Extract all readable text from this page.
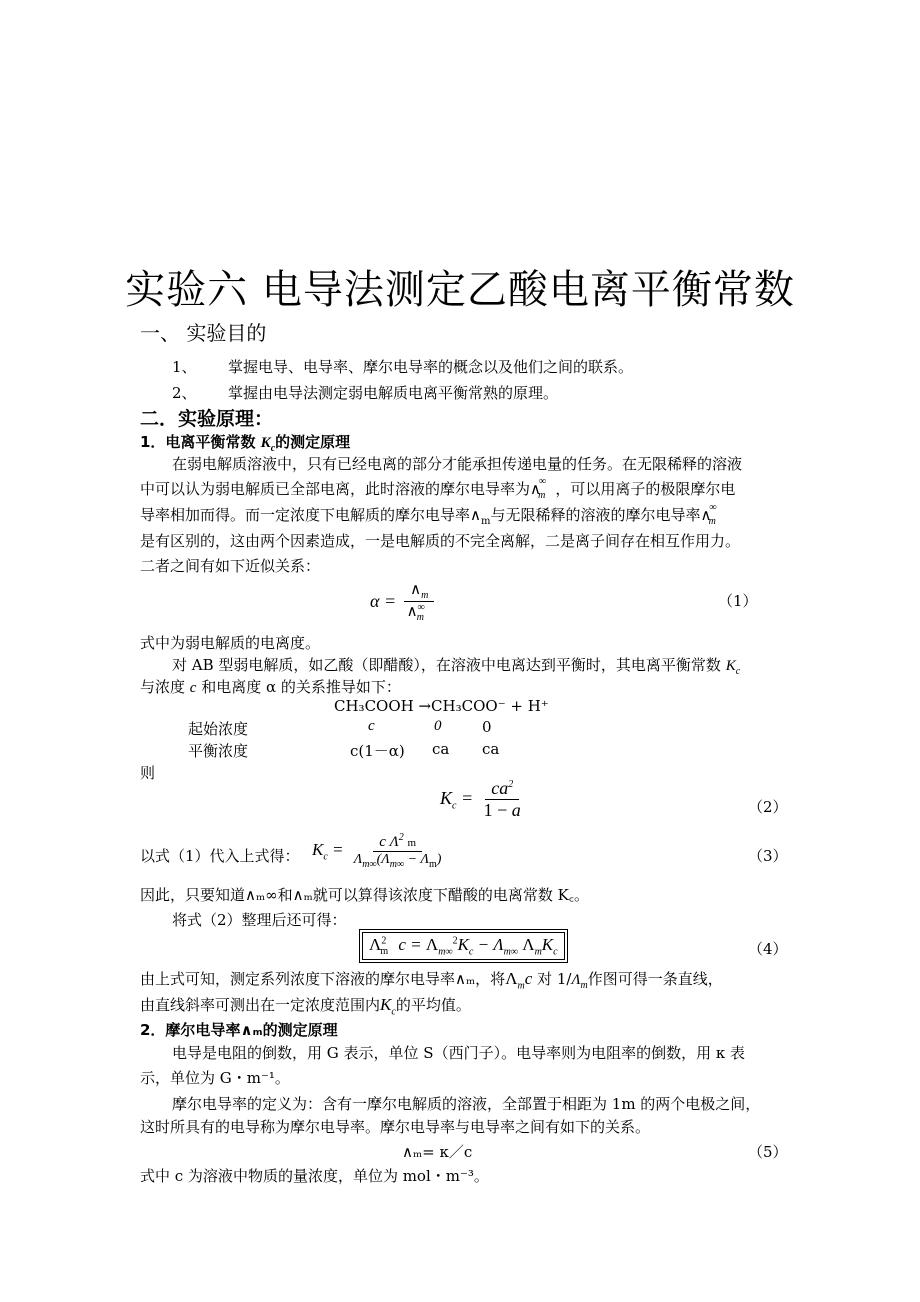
实验六 电导法测定乙酸电离平衡常数
一、 实验目的
1、 掌握电导、电导率、摩尔电导率的概念以及他们之间的联系。
2、 掌握由电导法测定弱电解质电离平衡常熟的原理。
二．实验原理：
1．电离平衡常数 $K_c$的测定原理
在弱电解质溶液中，只有已经电离的部分才能承担传递电量的任务。在无限稀释的溶液
中可以认为弱电解质已全部电离，此时溶液的摩尔电导率为$\wedge^\infty_m$ ，可以用离子的极限摩尔电
导率相加而得。而一定浓度下电解质的摩尔电导率$\wedge_m$与无限稀释的溶液的摩尔电导率$\wedge^\infty_m$
是有区别的，这由两个因素造成，一是电解质的不完全离解，二是离子间存在相互作用力。
二者之间有如下近似关系：
$\alpha = \frac{\wedge_m}{\wedge^\infty_m}$	（1）
式中为弱电解质的电离度。
对 AB 型弱电解质，如乙酸（即醋酸），在溶液中电离达到平衡时，其电离平衡常数 $K_c$
与浓度 c 和电离度 α 的关系推导如下：
CH₃COOH →CH₃COO⁻ + H⁺
起始浓度	c	0	0
平衡浓度	c(1－α) ca ca
则
$K_c = \frac{ca^2}{1 - a}$	（2）
以式（1）代入上式得： $K_c = \frac{c \Lambda^2 m}{\Lambda_{m\infty}(\Lambda_{m\infty} - \Lambda_m)}$	（3）
因此，只要知道∧ₘ∞和∧ₘ就可以算得该浓度下醋酸的电离常数 K꜀。
将式（2）整理后还可得：
$\Lambda^2_m$ $c = \Lambda_{m\infty}^2K_c - \Lambda_{m\infty}$ $\Lambda_mK_c$	（4）
由上式可知，测定系列浓度下溶液的摩尔电导率∧ₘ，将$\Lambda_mc$ 对 $1/\Lambda_m$作图可得一条直线，
由直线斜率可测出在一定浓度范围内$K_c$的平均值。
2．摩尔电导率∧ₘ的测定原理
电导是电阻的倒数，用 G 表示，单位 S（西门子）。电导率则为电阻率的倒数，用 κ 表
示，单位为 G・m⁻¹。
摩尔电导率的定义为：含有一摩尔电解质的溶液，全部置于相距为 1m 的两个电极之间，
这时所具有的电导称为摩尔电导率。摩尔电导率与电导率之间有如下的关系。
∧ₘ= κ／c	（5）
式中 c 为溶液中物质的量浓度，单位为 mol・m⁻³。
